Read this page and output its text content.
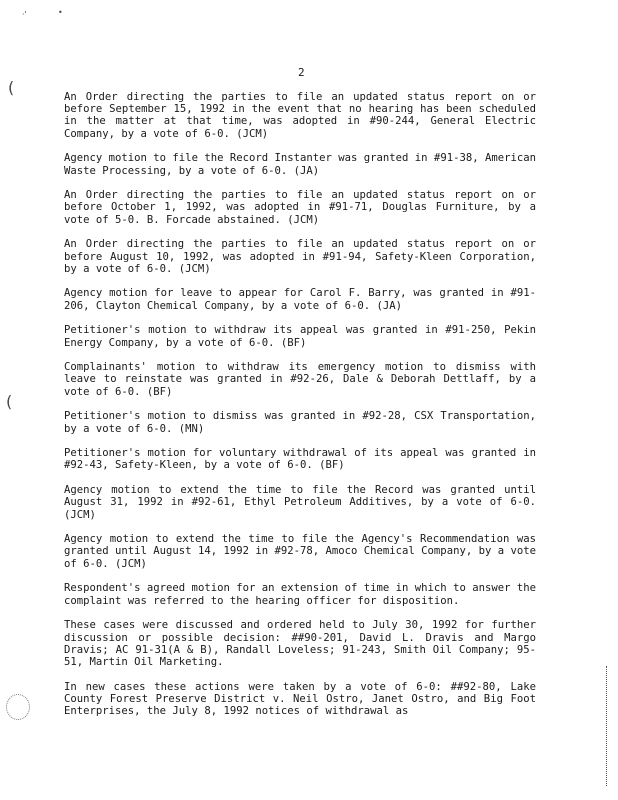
·'	•
(
(
2

An Order directing the parties to file an updated status report on or before September 15, 1992 in the event that no hearing has been scheduled in the matter at that time, was adopted in #90-244, General Electric Company, by a vote of 6-0. (JCM)

Agency motion to file the Record Instanter was granted in #91-38, American Waste Processing, by a vote of 6-0. (JA)

An Order directing the parties to file an updated status report on or before October 1, 1992, was adopted in #91-71, Douglas Furniture, by a vote of 5-0. B. Forcade abstained. (JCM)

An Order directing the parties to file an updated status report on or before August 10, 1992, was adopted in #91-94, Safety-Kleen Corporation, by a vote of 6-0. (JCM)

Agency motion for leave to appear for Carol F. Barry, was granted in #91-206, Clayton Chemical Company, by a vote of 6-0. (JA)

Petitioner's motion to withdraw its appeal was granted in #91-250, Pekin Energy Company, by a vote of 6-0. (BF)

Complainants' motion to withdraw its emergency motion to dismiss with leave to reinstate was granted in #92-26, Dale & Deborah Dettlaff, by a vote of 6-0. (BF)

Petitioner's motion to dismiss was granted in #92-28, CSX Transportation, by a vote of 6-0. (MN)

Petitioner's motion for voluntary withdrawal of its appeal was granted in #92-43, Safety-Kleen, by a vote of 6-0. (BF)

Agency motion to extend the time to file the Record was granted until August 31, 1992 in #92-61, Ethyl Petroleum Additives, by a vote of 6-0. (JCM)

Agency motion to extend the time to file the Agency's Recommendation was granted until August 14, 1992 in #92-78, Amoco Chemical Company, by a vote of 6-0. (JCM)

Respondent's agreed motion for an extension of time in which to answer the complaint was referred to the hearing officer for disposition.

These cases were discussed and ordered held to July 30, 1992 for further discussion or possible decision: ##90-201, David L. Dravis and Margo Dravis; AC 91-31(A & B), Randall Loveless; 91-243, Smith Oil Company; 95-51, Martin Oil Marketing.

In new cases these actions were taken by a vote of 6-0: ##92-80, Lake County Forest Preserve District v. Neil Ostro, Janet Ostro, and Big Foot Enterprises, the July 8, 1992 notices of withdrawal as
